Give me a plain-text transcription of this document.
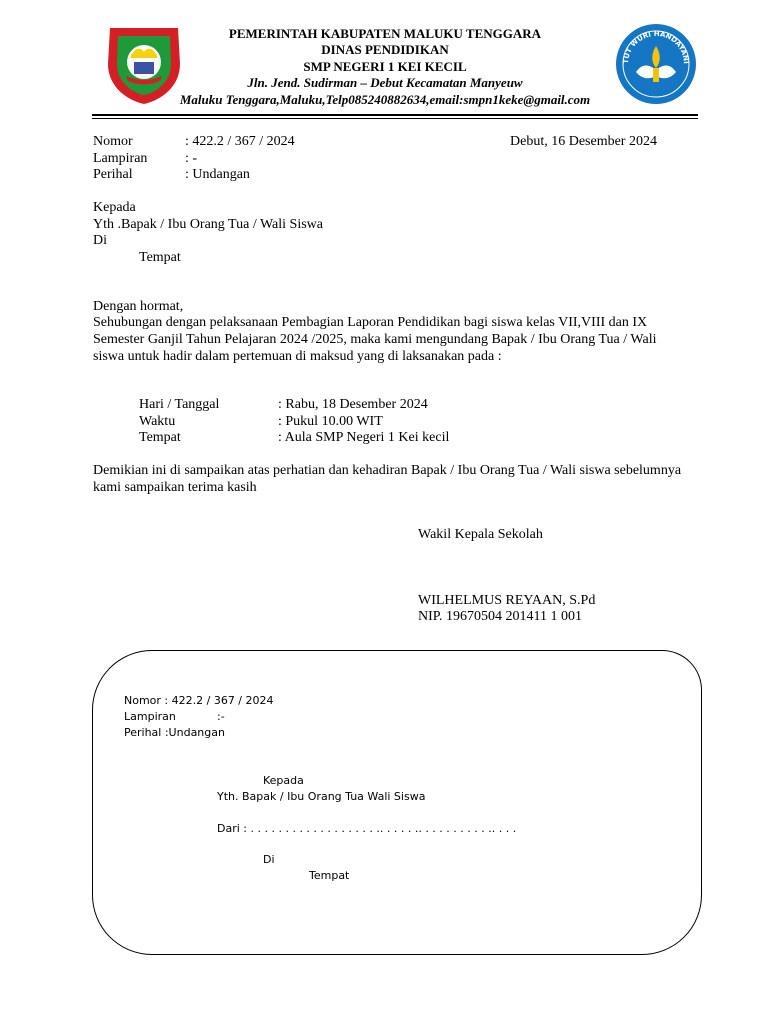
TUT WURI HANDAYANI
PEMERINTAH KABUPATEN MALUKU TENGGARA
DINAS PENDIDIKAN
SMP NEGERI 1 KEI KECIL
Jln. Jend. Sudirman – Debut Kecamatan Manyeuw
Maluku Tenggara,Maluku,Telp085240882634,email:smpn1keke@gmail.com
Nomor	: 422.2 / 367 / 2024	Debut, 16 Desember 2024
Lampiran	: -
Perihal	: Undangan
Kepada
Yth .Bapak / Ibu Orang Tua / Wali Siswa
Di
Tempat
Dengan hormat,
Sehubungan dengan pelaksanaan Pembagian Laporan Pendidikan bagi siswa kelas VII,VIII dan IX Semester Ganjil Tahun Pelajaran 2024 /2025, maka kami mengundang Bapak / Ibu Orang Tua / Wali siswa untuk hadir dalam pertemuan di maksud yang di laksanakan pada :
Hari / Tanggal	: Rabu, 18 Desember 2024
Waktu	: Pukul 10.00 WIT
Tempat	: Aula SMP Negeri 1 Kei kecil
Demikian ini di sampaikan atas perhatian dan kehadiran Bapak / Ibu Orang Tua / Wali siswa sebelumnya kami sampaikan terima kasih
Wakil Kepala Sekolah
WILHELMUS REYAAN, S.Pd
NIP. 19670504 201411 1 001
Nomor : 422.2 / 367 / 2024
Lampiran	:-
Perihal :Undangan
Kepada
Yth. Bapak / Ibu Orang Tua Wali Siswa
Dari : . . . . . . . . . . . . . . . . . . .. . . . . .. . . . . . . . . . .. . . .
Di
Tempat
